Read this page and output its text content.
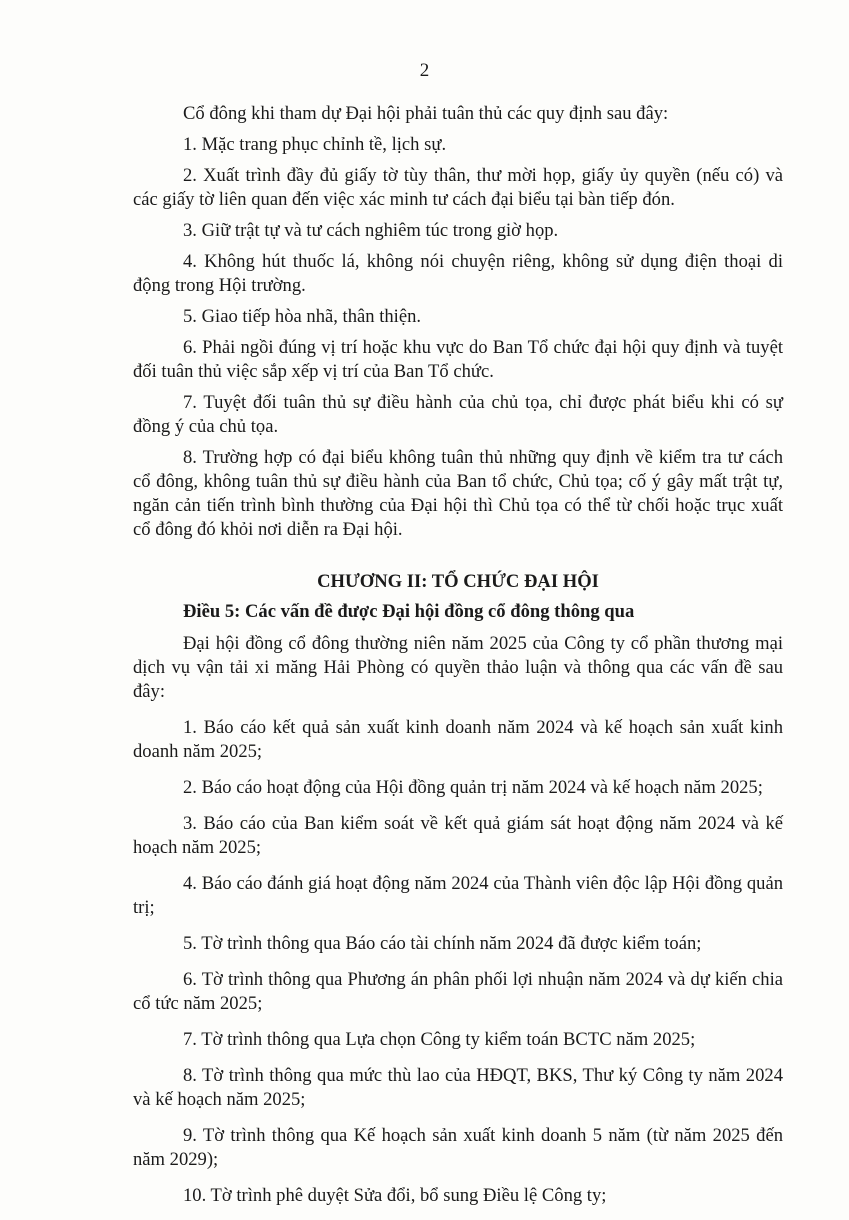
2

Cổ đông khi tham dự Đại hội phải tuân thủ các quy định sau đây:

1. Mặc trang phục chỉnh tề, lịch sự.

2. Xuất trình đầy đủ giấy tờ tùy thân, thư mời họp, giấy ủy quyền (nếu có) và các giấy tờ liên quan đến việc xác minh tư cách đại biểu tại bàn tiếp đón.

3. Giữ trật tự và tư cách nghiêm túc trong giờ họp.

4. Không hút thuốc lá, không nói chuyện riêng, không sử dụng điện thoại di động trong Hội trường.

5. Giao tiếp hòa nhã, thân thiện.

6. Phải ngồi đúng vị trí hoặc khu vực do Ban Tổ chức đại hội quy định và tuyệt đối tuân thủ việc sắp xếp vị trí của Ban Tổ chức.

7. Tuyệt đối tuân thủ sự điều hành của chủ tọa, chỉ được phát biểu khi có sự đồng ý của chủ tọa.

8. Trường hợp có đại biểu không tuân thủ những quy định về kiểm tra tư cách cổ đông, không tuân thủ sự điều hành của Ban tổ chức, Chủ tọa; cố ý gây mất trật tự, ngăn cản tiến trình bình thường của Đại hội thì Chủ tọa có thể từ chối hoặc trục xuất cổ đông đó khỏi nơi diễn ra Đại hội.

CHƯƠNG II: TỔ CHỨC ĐẠI HỘI

Điều 5: Các vấn đề được Đại hội đồng cổ đông thông qua

Đại hội đồng cổ đông thường niên năm 2025 của Công ty cổ phần thương mại dịch vụ vận tải xi măng Hải Phòng có quyền thảo luận và thông qua các vấn đề sau đây:

1. Báo cáo kết quả sản xuất kinh doanh năm 2024 và kế hoạch sản xuất kinh doanh năm 2025;

2. Báo cáo hoạt động của Hội đồng quản trị năm 2024 và kế hoạch năm 2025;

3. Báo cáo của Ban kiểm soát về kết quả giám sát hoạt động năm 2024 và kế hoạch năm 2025;

4. Báo cáo đánh giá hoạt động năm 2024 của Thành viên độc lập Hội đồng quản trị;

5. Tờ trình thông qua Báo cáo tài chính năm 2024 đã được kiểm toán;

6. Tờ trình thông qua Phương án phân phối lợi nhuận năm 2024 và dự kiến chia cổ tức năm 2025;

7. Tờ trình thông qua Lựa chọn Công ty kiểm toán BCTC năm 2025;

8. Tờ trình thông qua mức thù lao của HĐQT, BKS, Thư ký Công ty năm 2024 và kế hoạch năm 2025;

9. Tờ trình thông qua Kế hoạch sản xuất kinh doanh 5 năm (từ năm 2025 đến năm 2029);

10. Tờ trình phê duyệt Sửa đổi, bổ sung Điều lệ Công ty;
